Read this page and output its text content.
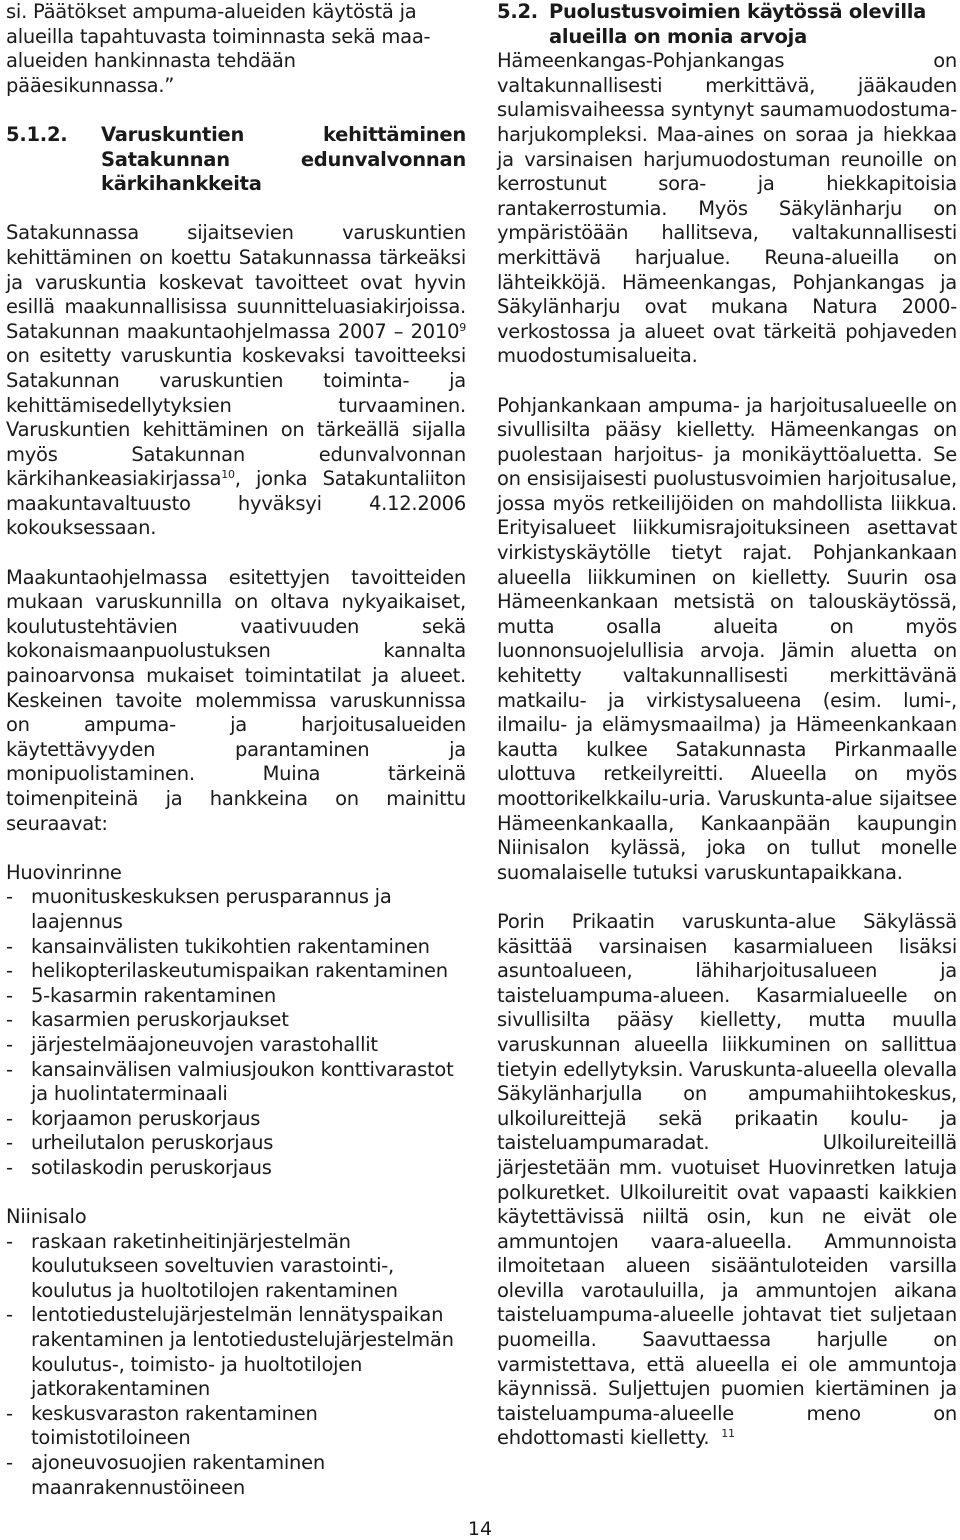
si. Päätökset ampuma-alueiden käytöstä ja alueilla tapahtuvasta toiminnasta sekä maa-alueiden hankinnasta tehdään pääesikunnassa.”

5.1.2.	Varuskuntien kehittäminen Satakunnan edunvalvonnan kärkihankkeita

Satakunnassa sijaitsevien varuskuntien kehittäminen on koettu Satakunnassa tärkeäksi ja varuskuntia koskevat tavoitteet ovat hyvin esillä maakunnallisissa suunnitteluasiakirjoissa. Satakunnan maakuntaohjelmassa 2007 – 2010$^9$ on esitetty varuskuntia koskevaksi tavoitteeksi Satakunnan varuskuntien toiminta- ja kehittämisedellytyksien turvaaminen. Varuskuntien kehittäminen on tärkeällä sijalla myös Satakunnan edunvalvonnan kärkihankeasiakirjassa$^{10}$, jonka Satakuntaliiton maakuntavaltuusto hyväksyi 4.12.2006 kokouksessaan.

Maakuntaohjelmassa esitettyjen tavoitteiden mukaan varuskunnilla on oltava nykyaikaiset, koulutustehtävien vaativuuden sekä kokonaismaanpuolustuksen kannalta painoarvonsa mukaiset toimintatilat ja alueet. Keskeinen tavoite molemmissa varuskunnissa on ampuma- ja harjoitusalueiden käytettävyyden parantaminen ja monipuolistaminen. Muina tärkeinä toimenpiteinä ja hankkeina on mainittu seuraavat:

Huovinrinne

- muonituskeskuksen perusparannus ja laajennus
- kansainvälisten tukikohtien rakentaminen
- helikopterilaskeutumispaikan rakentaminen
- 5-kasarmin rakentaminen
- kasarmien peruskorjaukset
- järjestelmäajoneuvojen varastohallit
- kansainvälisen valmiusjoukon konttivarastot ja huolintaterminaali
- korjaamon peruskorjaus
- urheilutalon peruskorjaus
- sotilaskodin peruskorjaus

Niinisalo

- raskaan raketinheitinjärjestelmän koulutukseen soveltuvien varastointi-, koulutus ja huoltotilojen rakentaminen
- lentotiedustelujärjestelmän lennätyspaikan rakentaminen ja lentotiedustelujärjestelmän koulutus-, toimisto- ja huoltotilojen jatkorakentaminen
- keskusvaraston rakentaminen toimistotiloineen
- ajoneuvosuojien rakentaminen maanrakennustöineen
5.2. Puolustusvoimien käytössä olevilla alueilla on monia arvoja

Hämeenkangas-Pohjankangas on valtakunnallisesti merkittävä, jääkauden sulamisvaiheessa syntynyt saumamuodostuma-harjukompleksi. Maa-aines on soraa ja hiekkaa ja varsinaisen harjumuodostuman reunoille on kerrostunut sora- ja hiekkapitoisia rantakerrostumia. Myös Säkylänharju on ympäristöään hallitseva, valtakunnallisesti merkittävä harjualue. Reuna-alueilla on lähteikköjä. Hämeenkangas, Pohjankangas ja Säkylänharju ovat mukana Natura 2000-verkostossa ja alueet ovat tärkeitä pohjaveden muodostumisalueita.

Pohjankankaan ampuma- ja harjoitusalueelle on sivullisilta pääsy kielletty. Hämeenkangas on puolestaan harjoitus- ja monikäyttöaluetta. Se on ensisijaisesti puolustusvoimien harjoitusalue, jossa myös retkeilijöiden on mahdollista liikkua. Erityisalueet liikkumisrajoituksineen asettavat virkistyskäytölle tietyt rajat. Pohjankankaan alueella liikkuminen on kielletty. Suurin osa Hämeenkankaan metsistä on talouskäytössä, mutta osalla alueita on myös luonnonsuojelullisia arvoja. Jämin aluetta on kehitetty valtakunnallisesti merkittävänä matkailu- ja virkistysalueena (esim. lumi-, ilmailu- ja elämysmaailma) ja Hämeenkankaan kautta kulkee Satakunnasta Pirkanmaalle ulottuva retkeilyreitti. Alueella on myös moottorikelkkailu-uria. Varuskunta-alue sijaitsee Hämeenkankaalla, Kankaanpään kaupungin Niinisalon kylässä, joka on tullut monelle suomalaiselle tutuksi varuskuntapaikkana.

Porin Prikaatin varuskunta-alue Säkylässä käsittää varsinaisen kasarmialueen lisäksi asuntoalueen, lähiharjoitusalueen ja taisteluampuma-alueen. Kasarmialueelle on sivullisilta pääsy kielletty, mutta muulla varuskunnan alueella liikkuminen on sallittua tietyin edellytyksin. Varuskunta-alueella olevalla Säkylänharjulla on ampumahiihtokeskus, ulkoilureittejä sekä prikaatin koulu- ja taisteluampumaradat. Ulkoilureiteillä järjestetään mm. vuotuiset Huovinretken latuja polkuretket. Ulkoilureitit ovat vapaasti kaikkien käytettävissä niiltä osin, kun ne eivät ole ammuntojen vaara-alueella. Ammunnoista ilmoitetaan alueen sisääntuloteiden varsilla olevilla varotauluilla, ja ammuntojen aikana taisteluampuma-alueelle johtavat tiet suljetaan puomeilla. Saavuttaessa harjulle on varmistettava, että alueella ei ole ammuntoja käynnissä. Suljettujen puomien kiertäminen ja taisteluampuma-alueelle meno on ehdottomasti kielletty. $^{11}$

14
